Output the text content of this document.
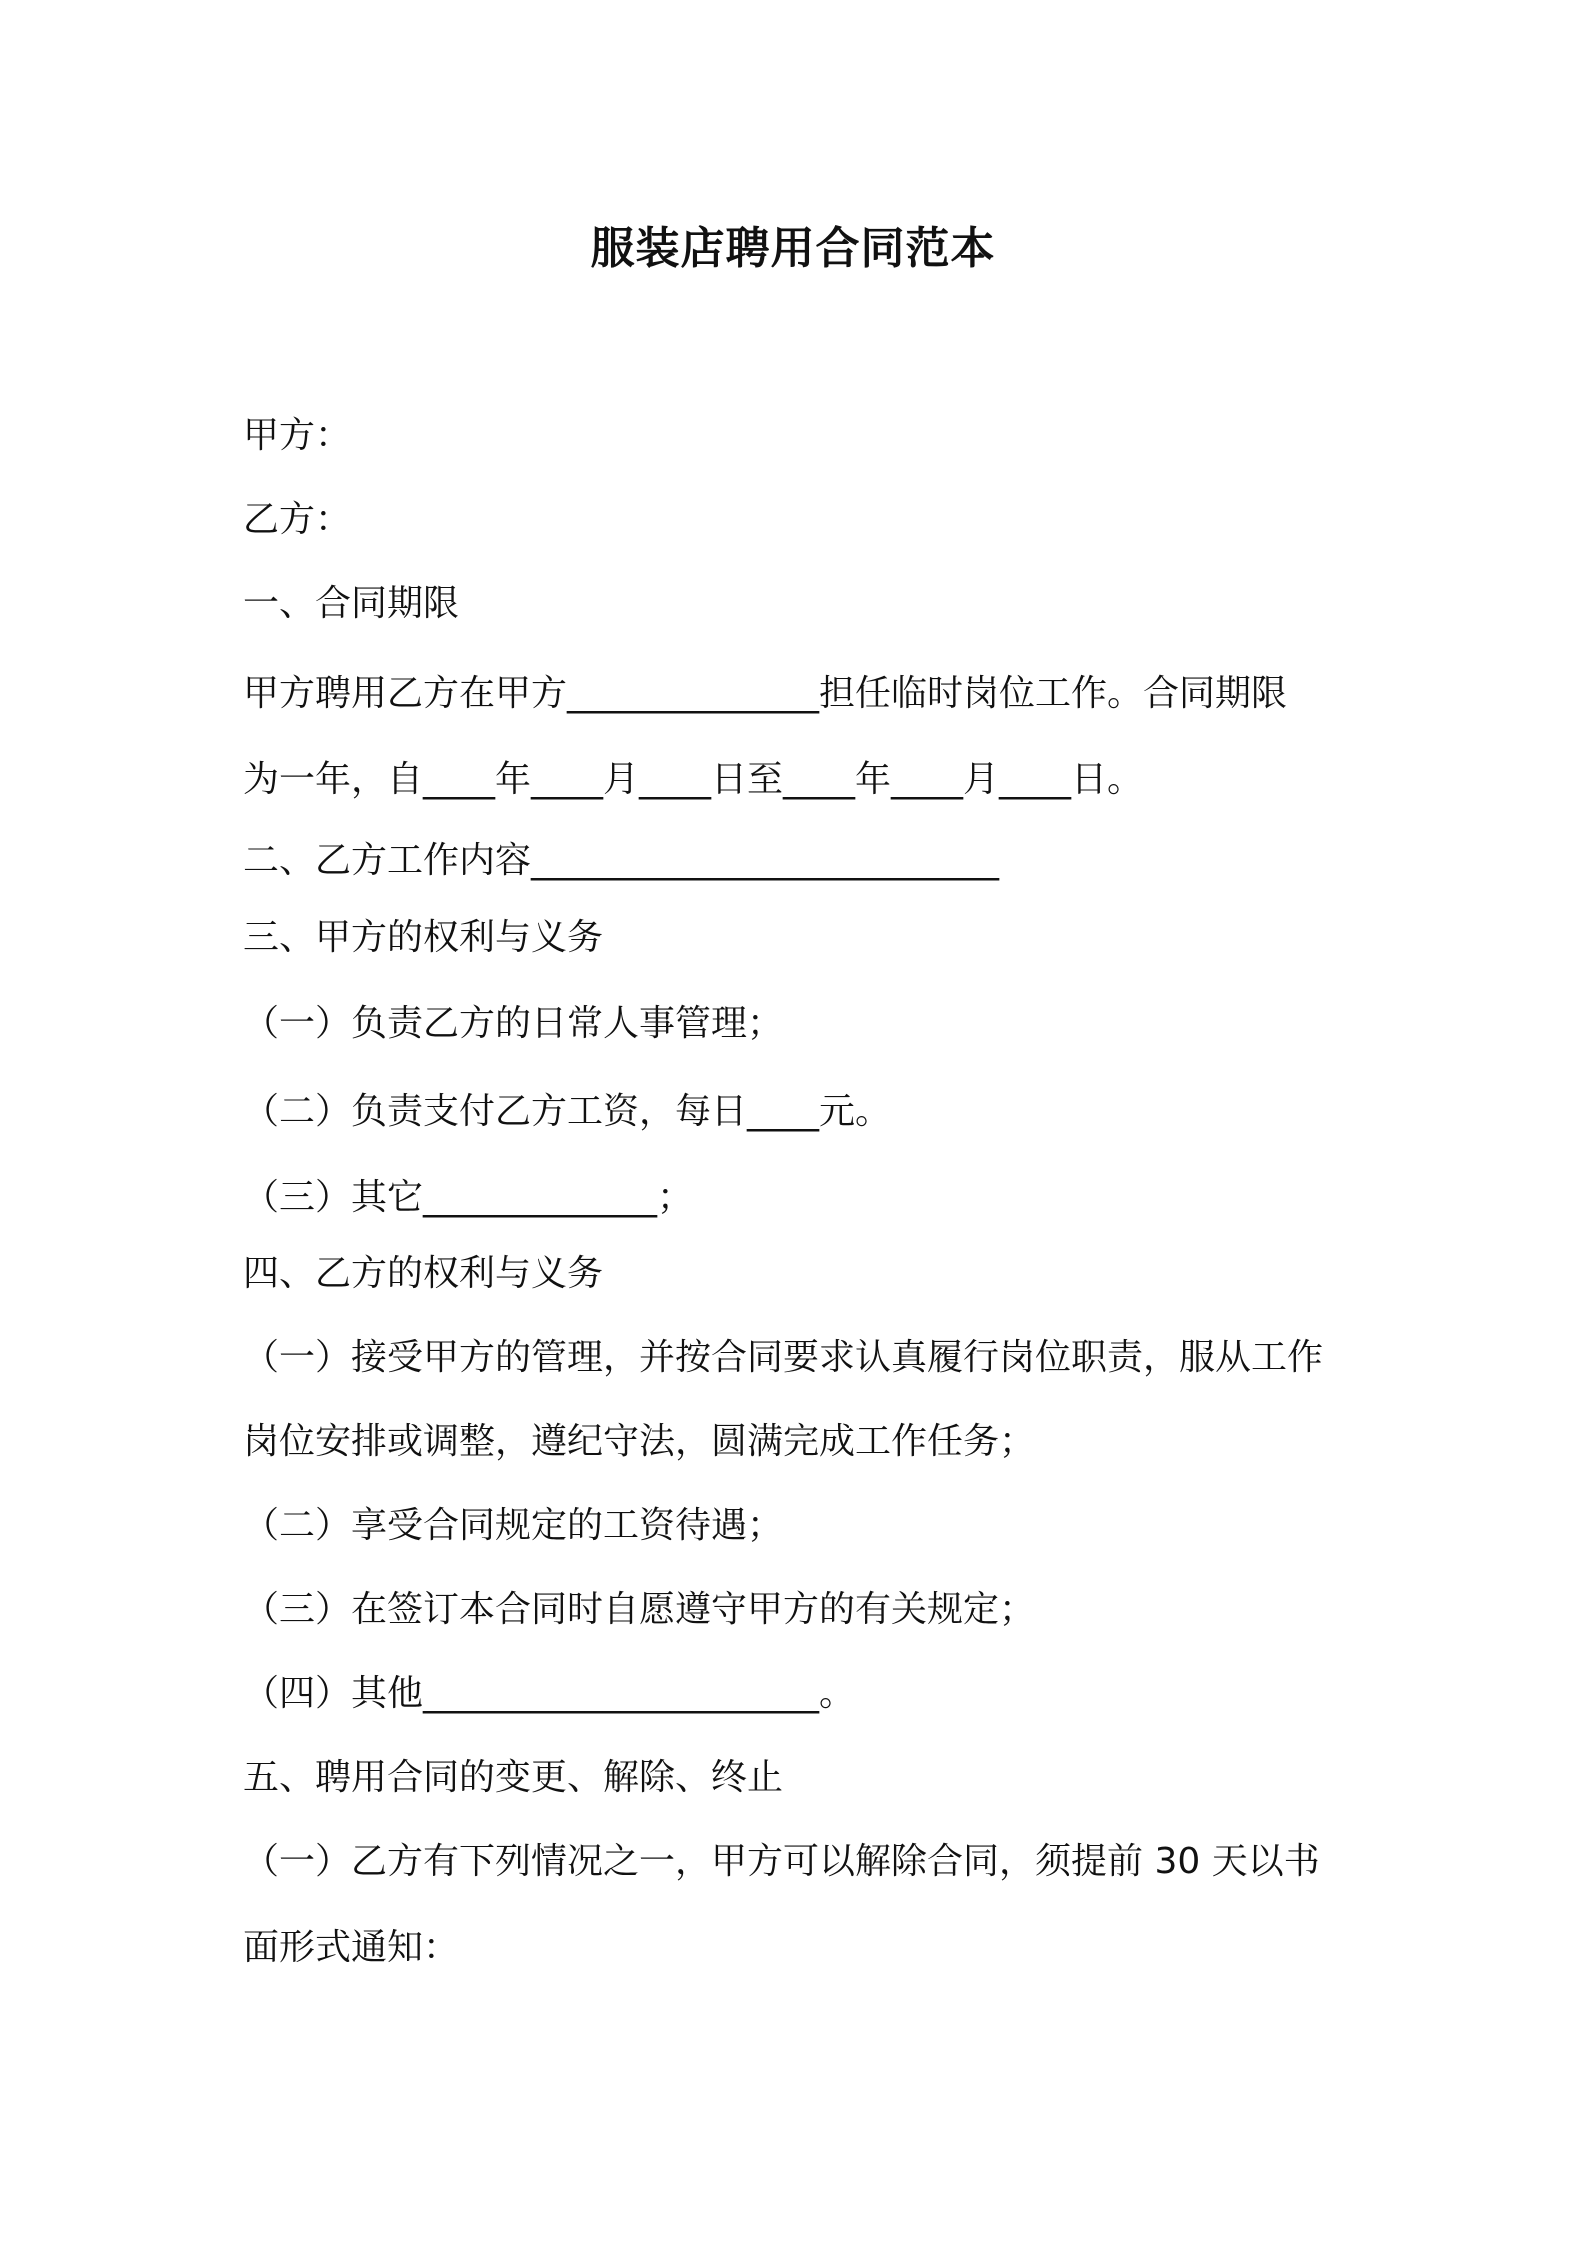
服装店聘用合同范本
甲方：
乙方：
一、合同期限
甲方聘用乙方在甲方______________担任临时岗位工作。合同期限
为一年，自____年____月____日至____年____月____日。
二、乙方工作内容__________________________
三、甲方的权利与义务
（一）负责乙方的日常人事管理；
（二）负责支付乙方工资，每日____元。
（三）其它_____________；
四、乙方的权利与义务
（一）接受甲方的管理，并按合同要求认真履行岗位职责，服从工作
岗位安排或调整，遵纪守法，圆满完成工作任务；
（二）享受合同规定的工资待遇；
（三）在签订本合同时自愿遵守甲方的有关规定；
（四）其他______________________。
五、聘用合同的变更、解除、终止
（一）乙方有下列情况之一，甲方可以解除合同，须提前 30 天以书
面形式通知：
